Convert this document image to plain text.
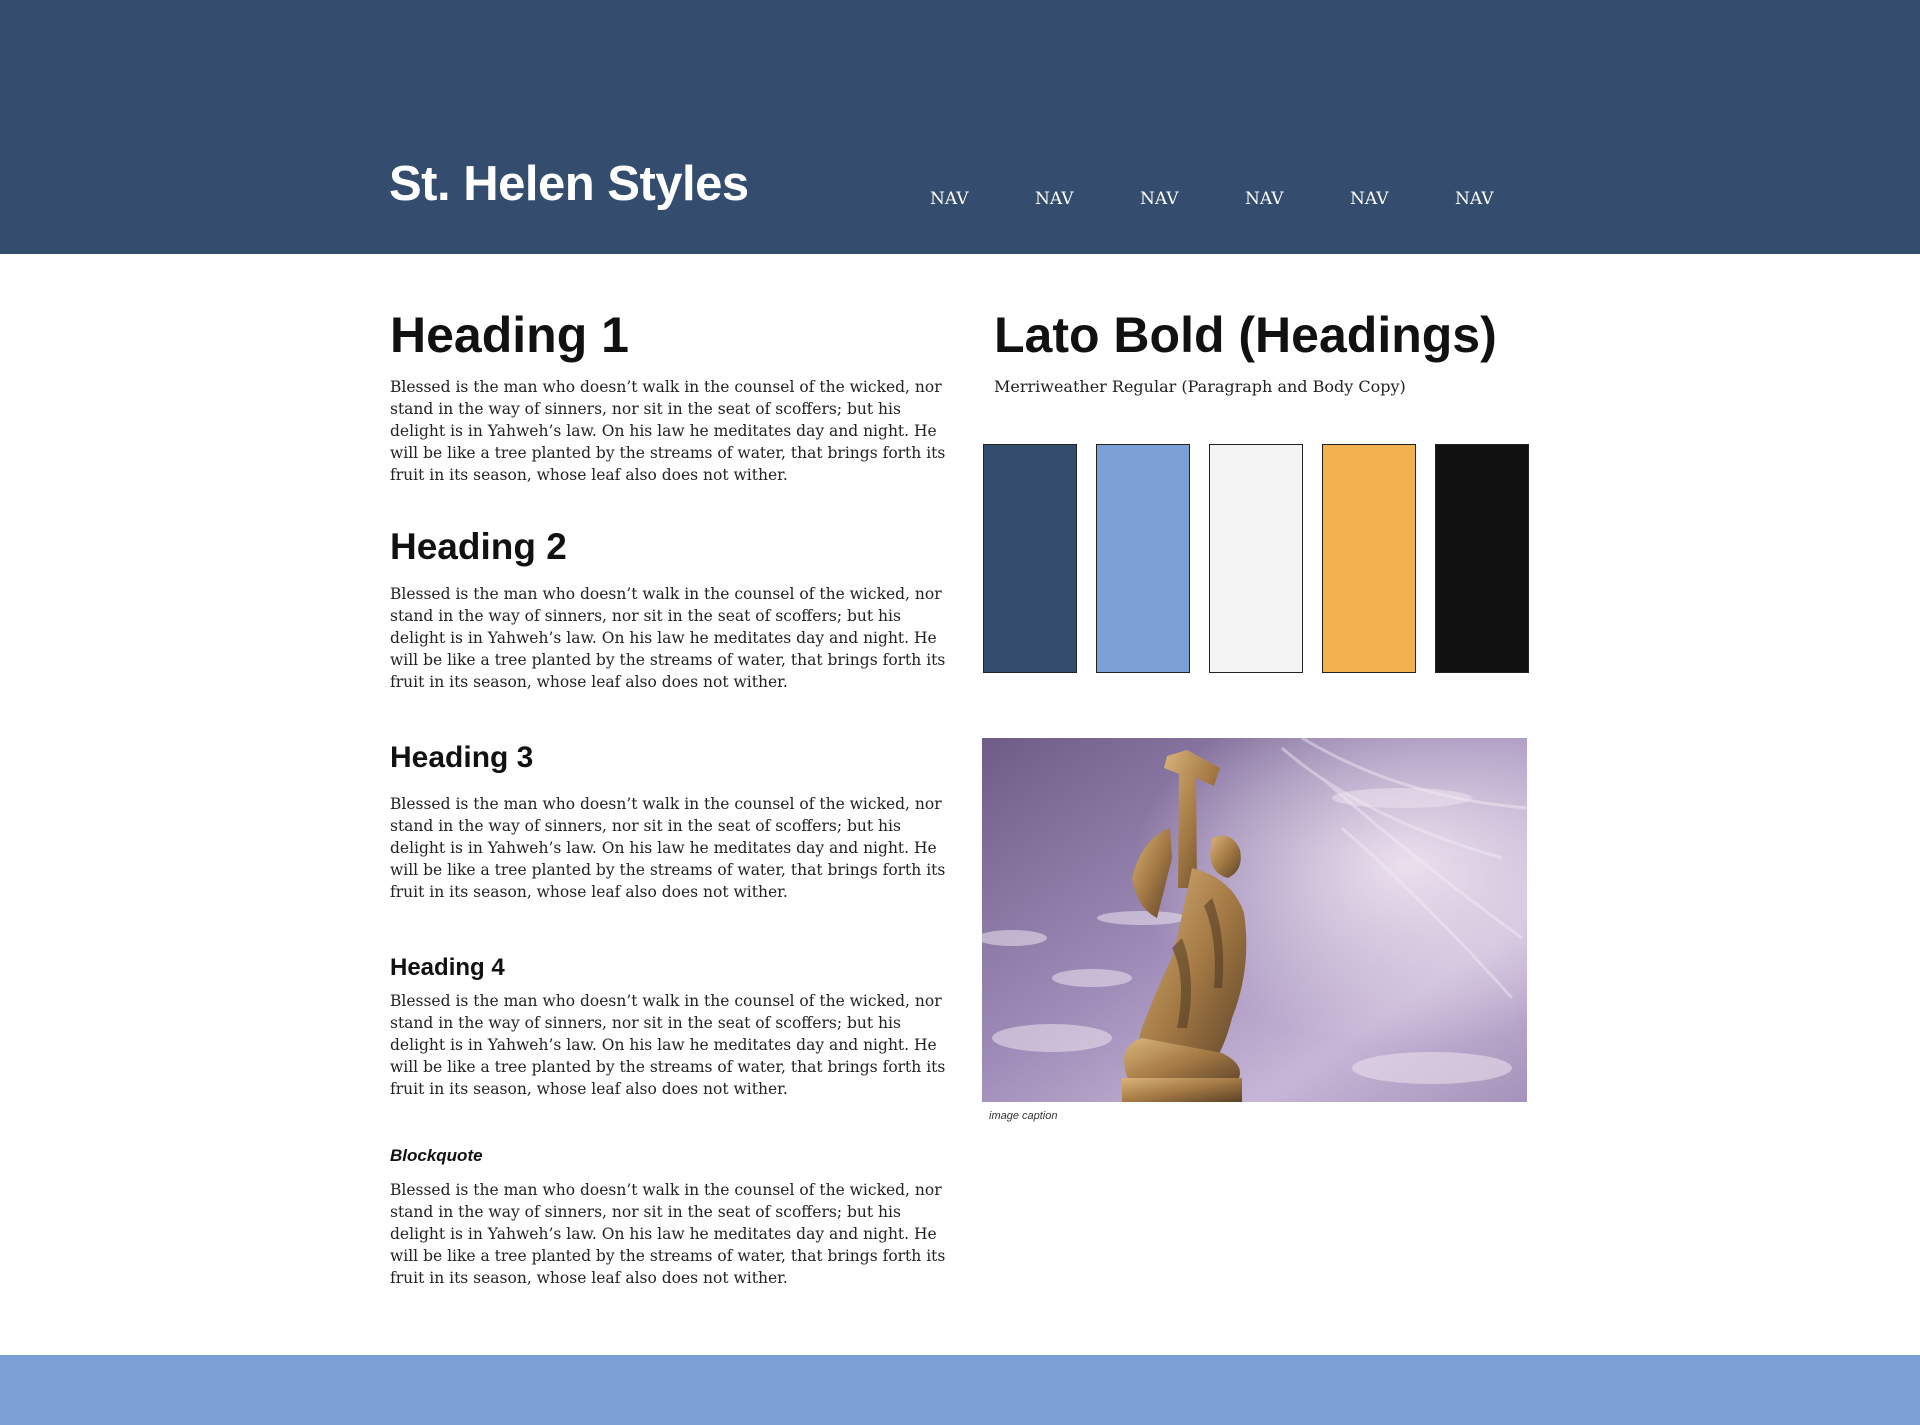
St. Helen Styles	NAV	NAV	NAV	NAV	NAV	NAV
Heading 1

Blessed is the man who doesn’t walk in the counsel of the wicked, nor stand in the way of sinners, nor sit in the seat of scoffers; but his delight is in Yahweh’s law. On his law he meditates day and night. He will be like a tree planted by the streams of water, that brings forth its fruit in its season, whose leaf also does not wither.

Heading 2

Blessed is the man who doesn’t walk in the counsel of the wicked, nor stand in the way of sinners, nor sit in the seat of scoffers; but his delight is in Yahweh’s law. On his law he meditates day and night. He will be like a tree planted by the streams of water, that brings forth its fruit in its season, whose leaf also does not wither.

Heading 3

Blessed is the man who doesn’t walk in the counsel of the wicked, nor stand in the way of sinners, nor sit in the seat of scoffers; but his delight is in Yahweh’s law. On his law he meditates day and night. He will be like a tree planted by the streams of water, that brings forth its fruit in its season, whose leaf also does not wither.

Heading 4

Blessed is the man who doesn’t walk in the counsel of the wicked, nor stand in the way of sinners, nor sit in the seat of scoffers; but his delight is in Yahweh’s law. On his law he meditates day and night. He will be like a tree planted by the streams of water, that brings forth its fruit in its season, whose leaf also does not wither.

Blockquote

Blessed is the man who doesn’t walk in the counsel of the wicked, nor stand in the way of sinners, nor sit in the seat of scoffers; but his delight is in Yahweh’s law. On his law he meditates day and night. He will be like a tree planted by the streams of water, that brings forth its fruit in its season, whose leaf also does not wither.

Lato Bold (Headings)
Merriweather Regular (Paragraph and Body Copy)
image caption
